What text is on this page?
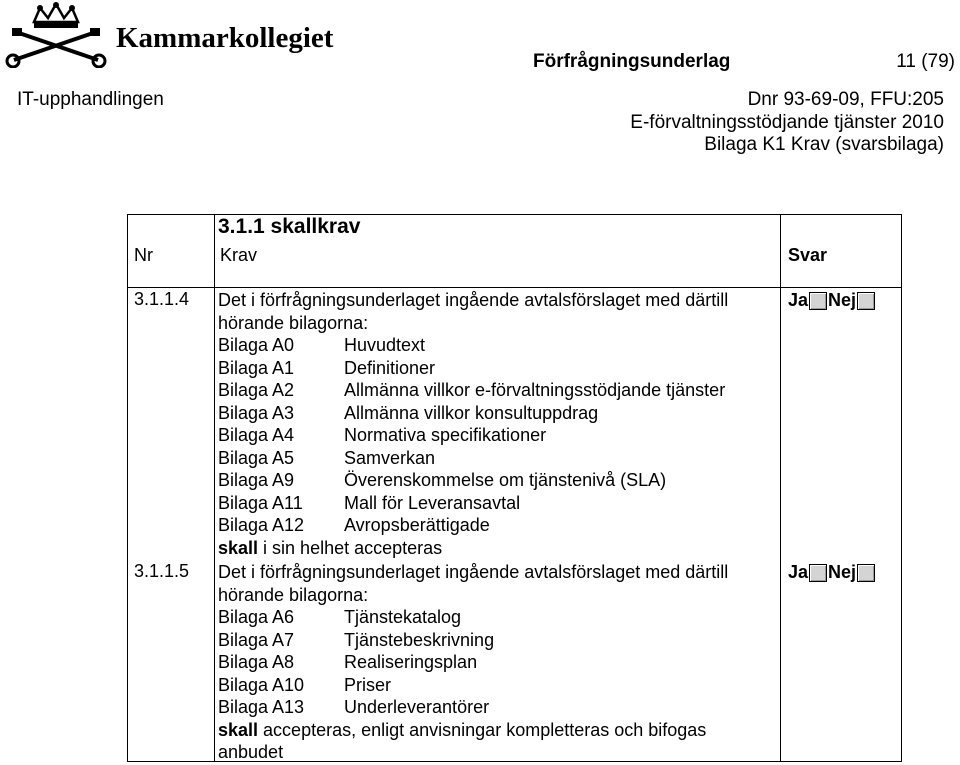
Kammarkollegiet
Förfrågningsunderlag	11 (79)
IT-upphandlingen	Dnr 93-69-09, FFU:205
E-förvaltningsstödjande tjänster 2010
Bilaga K1 Krav (svarsbilaga)
3.1.1 skallkrav
Nr	Krav	Svar
3.1.1.4 Det i förfrågningsunderlaget ingående avtalsförslaget med därtill
hörande bilagorna:
Bilaga A0	Huvudtext
Bilaga A1	Definitioner
Bilaga A2	Allmänna villkor e-förvaltningsstödjande tjänster
Bilaga A3	Allmänna villkor konsultuppdrag
Bilaga A4	Normativa specifikationer
Bilaga A5	Samverkan
Bilaga A9	Överenskommelse om tjänstenivå (SLA)
Bilaga A11	Mall för Leveransavtal
Bilaga A12	Avropsberättigade
skall i sin helhet accepteras
Ja Nej
3.1.1.5 Det i förfrågningsunderlaget ingående avtalsförslaget med därtill
hörande bilagorna:
Bilaga A6	Tjänstekatalog
Bilaga A7	Tjänstebeskrivning
Bilaga A8	Realiseringsplan
Bilaga A10	Priser
Bilaga A13	Underleverantörer
skall accepteras, enligt anvisningar kompletteras och bifogas
anbudet
Ja Nej
